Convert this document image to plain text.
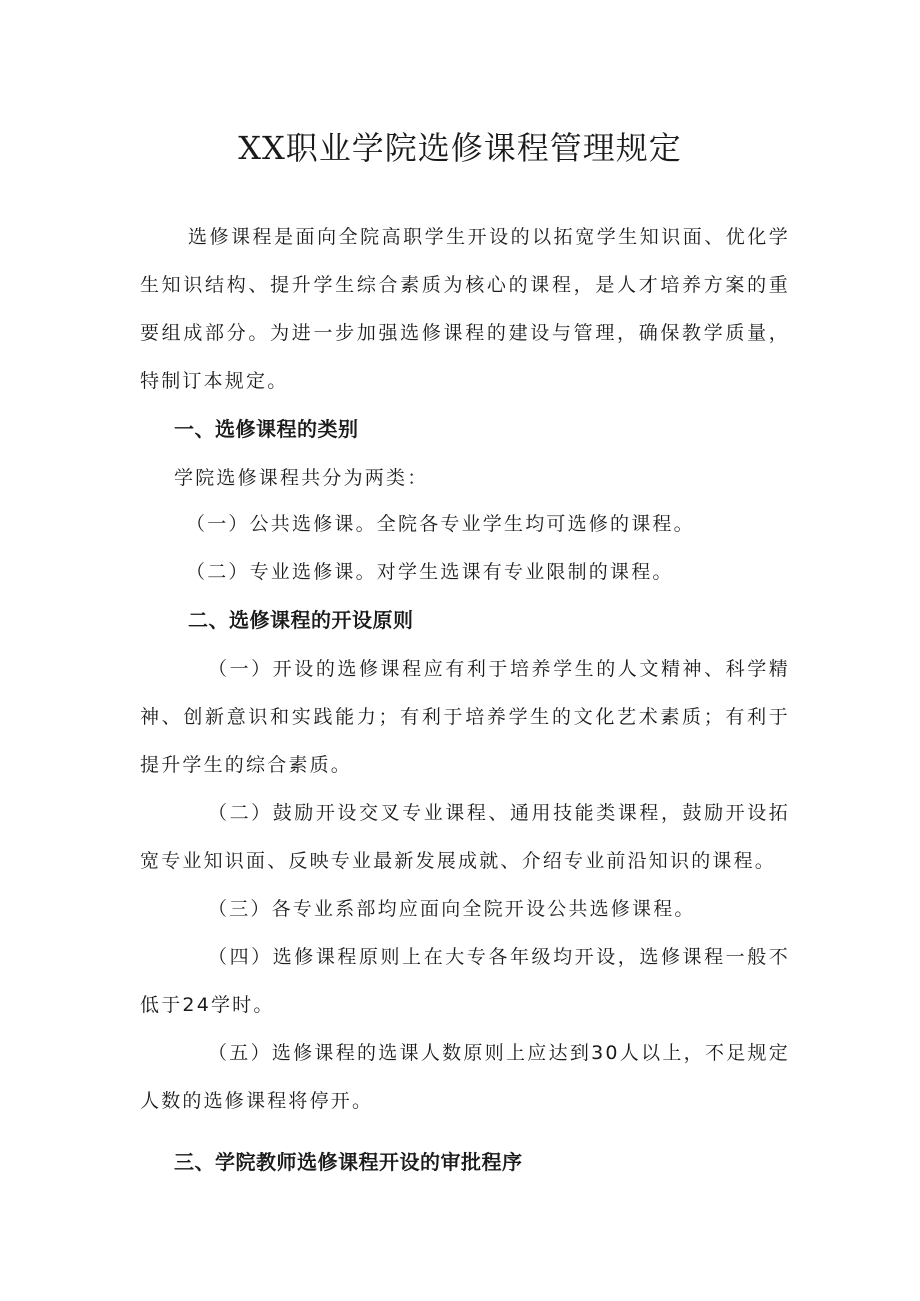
XX职业学院选修课程管理规定

选修课程是面向全院高职学生开设的以拓宽学生知识面、优化学生知识结构、提升学生综合素质为核心的课程，是人才培养方案的重要组成部分。为进一步加强选修课程的建设与管理，确保教学质量，特制订本规定。

一、选修课程的类别

学院选修课程共分为两类：

（一）公共选修课。全院各专业学生均可选修的课程。

（二）专业选修课。对学生选课有专业限制的课程。

二、选修课程的开设原则

（一）开设的选修课程应有利于培养学生的人文精神、科学精神、创新意识和实践能力；有利于培养学生的文化艺术素质；有利于提升学生的综合素质。

（二）鼓励开设交叉专业课程、通用技能类课程，鼓励开设拓宽专业知识面、反映专业最新发展成就、介绍专业前沿知识的课程。

（三）各专业系部均应面向全院开设公共选修课程。

（四）选修课程原则上在大专各年级均开设，选修课程一般不低于24学时。

（五）选修课程的选课人数原则上应达到30人以上，不足规定人数的选修课程将停开。

三、学院教师选修课程开设的审批程序
